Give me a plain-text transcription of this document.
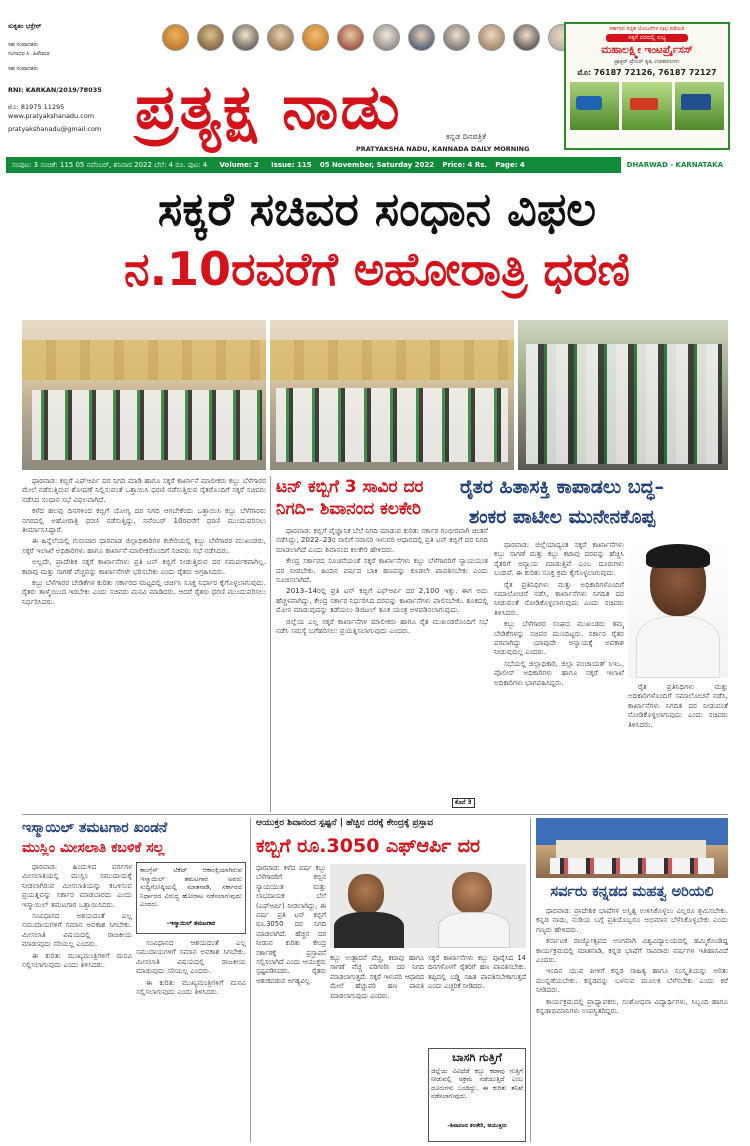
ಸುಕೃತಂ ಭಕ್ತೇರ್
ಸಹ ಸಂಪಾದಕರು
ಗಂಗಾಧರ ಸಿ. ಹಿರೇಮಠ
ಸಹ ಸಂಪಾದಕರು
RNI: KARKAN/2019/78035
ಮೊ: 81975 11295
www.pratyakshanadu.com
pratyakshanadu@gmail.com
ಪ್ರತ್ಯಕ್ಷ ನಾಡು	ಕನ್ನಡ ದಿನಪತ್ರಿಕೆ
PRATYAKSHA NADU, KANNADA DAILY MORNING
ಸರ್ಕಾರದ ಸಬ್ಸಿಡಿ ಯೋಜನೆಗಳ ಲಾಭ ಪಡೆಯಿರಿ
ಸಕ್ಕರೆ ದರದಲ್ಲಿ ಲಭ್ಯ
ಮಹಾಲಕ್ಷ್ಮೀ ಇಂಟರ್ಪ್ರೈಸಸ್
ಟ್ರಾಕ್ಟರ್ ಟ್ರೇಲರ್ ಕೃಷಿ ಉಪಕರಣಗಳು
ಮೊ: 76187 72126, 76187 72127
ಸಂಪುಟ: 3 ಸಂಚಿಕೆ: 115 05 ನವೆಂಬರ್, ಶನಿವಾರ 2022 ಬೆಲೆ: 4 ರೂ. ಪುಟ: 4 Volume: 2 Issue: 115 05 November, Saturday 2022 Price: 4 Rs. Page: 4	DHARWAD - KARNATAKA
ಸಕ್ಕರೆ ಸಚಿವರ ಸಂಧಾನ ವಿಫಲ
ನ.10ರವರೆಗೆ ಅಹೋರಾತ್ರಿ ಧರಣಿ

ಧಾರವಾಡ: ಕಬ್ಬಿಗೆ ಎಫ್ಆರ್ಪಿ ದರ ನಿಗದಿ ಮಾಡಿ ಹಾಗೂ ಸಕ್ಕರೆ ಕಾರ್ಖಾನೆ ಮಾಲೀಕರು ಕಬ್ಬು ಬೆಳೆಗಾರರ ಮೇಲೆ ನಡೆಸುತ್ತಿರುವ ಶೋಷಣೆ ನಿಲ್ಲಿಸುವಂತೆ ಒತ್ತಾಯಿಸಿ ಧರಣಿ ನಡೆಸುತ್ತಿರುವ ರೈತರೊಂದಿಗೆ ಸಕ್ಕರೆ ಸಚಿವರು ನಡೆಸಿದ ಸಂಧಾನ ಸಭೆ ವಿಫಲವಾಗಿದೆ.

ಕಳೆದ ಹಲವು ದಿನಗಳಿಂದ ಕಬ್ಬಿಗೆ ಯೋಗ್ಯ ದರ ನಿಗದಿ ಆಗಬೇಕೆಂದು ಒತ್ತಾಯಿಸಿ ಕಬ್ಬು ಬೆಳೆಗಾರರು ನಗರದಲ್ಲಿ ಅಹೋರಾತ್ರಿ ಧರಣಿ ನಡೆಸುತ್ತಿದ್ದು, ನವೆಂಬರ್ 10ರವರೆಗೆ ಧರಣಿ ಮುಂದುವರಿಸಲು ತೀರ್ಮಾನಿಸಿದ್ದಾರೆ.

ಈ ಹಿನ್ನೆಲೆಯಲ್ಲಿ ಗುರುವಾರ ಧಾರವಾಡ ಜಿಲ್ಲಾಧಿಕಾರಿಗಳ ಕಚೇರಿಯಲ್ಲಿ ಕಬ್ಬು ಬೆಳೆಗಾರರ ಮುಖಂಡರು, ಸಕ್ಕರೆ ಇಲಾಖೆ ಅಧಿಕಾರಿಗಳು ಹಾಗೂ ಕಾರ್ಖಾನೆ ಮಾಲೀಕರೊಂದಿಗೆ ಸಚಿವರು ಸಭೆ ನಡೆಸಿದರು.

ಅಲ್ಲದೇ, ಪ್ರಾದೇಶಿಕ ಸಕ್ಕರೆ ಕಾರ್ಖಾನೆಗಳು ಪ್ರತಿ ಟನ್ ಕಬ್ಬಿಗೆ ನೀಡುತ್ತಿರುವ ದರ ಸಮರ್ಪಕವಾಗಿಲ್ಲ. ಕಟಾವು ಮತ್ತು ಸಾಗಣೆ ವೆಚ್ಚವನ್ನು ಕಾರ್ಖಾನೆಗಳೇ ಭರಿಸಬೇಕು ಎಂದು ರೈತರು ಆಗ್ರಹಿಸಿದರು.

ಕಬ್ಬು ಬೆಳೆಗಾರರ ಬೇಡಿಕೆಗಳ ಕುರಿತು ಸರ್ಕಾರದ ಮಟ್ಟದಲ್ಲಿ ಚರ್ಚಿಸಿ ಸೂಕ್ತ ನಿರ್ಧಾರ ಕೈಗೊಳ್ಳಲಾಗುವುದು. ರೈತರು ತಾಳ್ಮೆಯಿಂದ ಇರಬೇಕು ಎಂದು ಸಚಿವರು ಮನವಿ ಮಾಡಿದರು. ಆದರೆ ರೈತರು ಧರಣಿ ಮುಂದುವರಿಸಲು ನಿರ್ಧರಿಸಿದರು.

ಟನ್ ಕಬ್ಬಿಗೆ 3 ಸಾವಿರ ದರ
ನಿಗದಿ– ಶಿವಾನಂದ ಕಲಕೇರಿ

ಧಾರವಾಡ: ಕಬ್ಬಿಗೆ ವೈಜ್ಞಾನಿಕ ಬೆಲೆ ನಿಗದಿ ಮಾಡುವ ಕುರಿತು ಸರ್ಕಾರ ಗಂಭೀರವಾಗಿ ಚಿಂತನೆ ನಡೆಸಿದ್ದು, 2022–23ರ ಸಾಲಿಗೆ ಸರಾಸರಿ ಇಳುವರಿ ಆಧಾರದಲ್ಲಿ ಪ್ರತಿ ಟನ್ ಕಬ್ಬಿಗೆ ದರ ನಿಗದಿ ಮಾಡಲಾಗಿದೆ ಎಂದು ಶಿವಾನಂದ ಕಲಕೇರಿ ಹೇಳಿದರು.

ಕೇಂದ್ರ ಸರ್ಕಾರದ ಸೂಚನೆಯಂತೆ ಸಕ್ಕರೆ ಕಾರ್ಖಾನೆಗಳು ಕಬ್ಬು ಬೆಳೆಗಾರರಿಗೆ ನ್ಯಾಯಯುತ ದರ ನೀಡಬೇಕು. ಹಿಂದಿನ ವರ್ಷದ ಬಾಕಿ ಹಣವನ್ನು ಕೂಡಲೇ ಪಾವತಿಸಬೇಕು ಎಂದು ಸೂಚಿಸಲಾಗಿದೆ.

2013–14ರಲ್ಲಿ ಪ್ರತಿ ಟನ್ ಕಬ್ಬಿಗೆ ಎಫ್ಆರ್ಪಿ ದರ 2,100 ಇತ್ತು. ಈಗ ಅದು ಹೆಚ್ಚಳವಾಗಿದ್ದು, ಕೇಂದ್ರ ಸರ್ಕಾರ ನಿರ್ಧರಿಸಿದ ದರವನ್ನು ಕಾರ್ಖಾನೆಗಳು ಪಾಲಿಸಬೇಕು. ತೂಕದಲ್ಲಿ ಮೋಸ ಮಾಡುವುದನ್ನು ತಡೆಯಲು ಡಿಜಿಟಲ್ ತೂಕ ಯಂತ್ರ ಅಳವಡಿಸಲಾಗುವುದು.

ಜಿಲ್ಲೆಯ ಎಲ್ಲ ಸಕ್ಕರೆ ಕಾರ್ಖಾನೆಗಳ ಮಾಲೀಕರು ಹಾಗೂ ರೈತ ಮುಖಂಡರೊಂದಿಗೆ ಸಭೆ ನಡೆಸಿ ಸಮಸ್ಯೆ ಬಗೆಹರಿಸಲು ಪ್ರಯತ್ನಿಸಲಾಗುವುದು ಎಂದರು.

ಕೊನೆ 3
ರೈತರ ಹಿತಾಸಕ್ತಿ ಕಾಪಾಡಲು ಬದ್ಧ–
ಶಂಕರ ಪಾಟೀಲ ಮುನೇನಕೊಪ್ಪ

ಧಾರವಾಡ: ಜಿಲ್ಲೆಯಾದ್ಯಂತ ಸಕ್ಕರೆ ಕಾರ್ಖಾನೆಗಳು ಕಬ್ಬು ಸಾಗಣೆ ಮತ್ತು ಕಬ್ಬು ಕಟಾವು ದರವನ್ನು ಹೆಚ್ಚಿಸಿ ರೈತರಿಗೆ ಅನ್ಯಾಯ ಮಾಡುತ್ತಿವೆ ಎಂಬ ದೂರುಗಳು ಬಂದಿವೆ. ಈ ಕುರಿತು ಸೂಕ್ತ ಕ್ರಮ ಕೈಗೊಳ್ಳಲಾಗುವುದು.

ರೈತ ಪ್ರತಿನಿಧಿಗಳು ಮತ್ತು ಅಧಿಕಾರಿಗಳೊಂದಿಗೆ ಸಮಾಲೋಚನೆ ನಡೆಸಿ, ಕಾರ್ಖಾನೆಗಳು ನಿಗದಿತ ದರ ನೀಡುವಂತೆ ನೋಡಿಕೊಳ್ಳಲಾಗುವುದು ಎಂದು ಸಚಿವರು ತಿಳಿಸಿದರು.

ಕಬ್ಬು ಬೆಳೆಗಾರರ ಸಂಘದ ಮುಖಂಡರು ತಮ್ಮ ಬೇಡಿಕೆಗಳನ್ನು ಸಚಿವರ ಮುಂದಿಟ್ಟರು. ಸರ್ಕಾರ ರೈತರ ಪರವಾಗಿದ್ದು ಯಾವುದೇ ಅನ್ಯಾಯಕ್ಕೆ ಅವಕಾಶ ನೀಡುವುದಿಲ್ಲ ಎಂದರು.

ಸಭೆಯಲ್ಲಿ ಜಿಲ್ಲಾಧಿಕಾರಿ, ಜಿಲ್ಲಾ ಪಂಚಾಯತ್ ಸಿಇಒ, ಪೊಲೀಸ್ ಅಧಿಕಾರಿಗಳು ಹಾಗೂ ಸಕ್ಕರೆ ಇಲಾಖೆ ಅಧಿಕಾರಿಗಳು ಭಾಗವಹಿಸಿದ್ದರು.	ರೈತ ಪ್ರತಿನಿಧಿಗಳು ಮತ್ತು ಅಧಿಕಾರಿಗಳೊಂದಿಗೆ ಸಮಾಲೋಚನೆ ನಡೆಸಿ, ಕಾರ್ಖಾನೆಗಳು ನಿಗದಿತ ದರ ನೀಡುವಂತೆ ನೋಡಿಕೊಳ್ಳಲಾಗುವುದು ಎಂದು ಸಚಿವರು ತಿಳಿಸಿದರು.

ಇಸ್ಮಾಯಿಲ್ ತಮಟಗಾರ ಖಂಡನೆ
ಮುಸ್ಲಿಂ ಮೀಸಲಾತಿ ಕಬಳಿಕೆ ಸಲ್ಲ

ಧಾರವಾಡ: ಹಿಂದುಳಿದ ವರ್ಗಗಳ ಮೀಸಲಾತಿಯಲ್ಲಿ ಮುಸ್ಲಿಂ ಸಮುದಾಯಕ್ಕೆ ನೀಡಲಾಗಿರುವ ಮೀಸಲಾತಿಯನ್ನು ಕಬಳಿಸುವ ಪ್ರಯತ್ನವನ್ನು ಸರ್ಕಾರ ಮಾಡಬಾರದು ಎಂದು ಇಸ್ಮಾಯಿಲ್ ತಮಟಗಾರ ಒತ್ತಾಯಿಸಿದರು.

ಸಂವಿಧಾನದ ಆಶಯದಂತೆ ಎಲ್ಲ ಸಮುದಾಯಗಳಿಗೆ ಸಮಾನ ಅವಕಾಶ ಸಿಗಬೇಕು. ಮೀಸಲಾತಿ ವಿಷಯದಲ್ಲಿ ರಾಜಕೀಯ ಮಾಡುವುದು ಸರಿಯಲ್ಲ ಎಂದರು.

ಈ ಕುರಿತು ಮುಖ್ಯಮಂತ್ರಿಗಳಿಗೆ ಮನವಿ ಸಲ್ಲಿಸಲಾಗುವುದು ಎಂದು ತಿಳಿಸಿದರು.

ಕಾಂಗ್ರೆಸ್ ಟಿಕೆಟ್ ಆಕಾಂಕ್ಷಿಯಾಗಿರುವ ಇಸ್ಮಾಯಿಲ್ ತಮಟಗಾರ ಅವರು ಸುದ್ದಿಗೋಷ್ಠಿಯಲ್ಲಿ ಮಾತನಾಡಿ, ಸರ್ಕಾರದ ನಿರ್ಧಾರದ ವಿರುದ್ಧ ಹೋರಾಟ ನಡೆಸಲಾಗುವುದು ಎಂದರು.
–ಇಸ್ಮಾಯಿಲ್ ತಮಟಗಾರ

ಸಂವಿಧಾನದ ಆಶಯದಂತೆ ಎಲ್ಲ ಸಮುದಾಯಗಳಿಗೆ ಸಮಾನ ಅವಕಾಶ ಸಿಗಬೇಕು. ಮೀಸಲಾತಿ ವಿಷಯದಲ್ಲಿ ರಾಜಕೀಯ ಮಾಡುವುದು ಸರಿಯಲ್ಲ ಎಂದರು.

ಈ ಕುರಿತು ಮುಖ್ಯಮಂತ್ರಿಗಳಿಗೆ ಮನವಿ ಸಲ್ಲಿಸಲಾಗುವುದು ಎಂದು ತಿಳಿಸಿದರು.

ಆಯುಕ್ತರ ಶಿವಾನಂದ ಸ್ಪಷ್ಟನೆ | ಹೆಚ್ಚಿನ ದರಕ್ಕೆ ಕೇಂದ್ರಕ್ಕೆ ಪ್ರಸ್ತಾವ
ಕಬ್ಬಿಗೆ ರೂ.3050 ಎಫ್ಆರ್ಪಿ ದರ
ಧಾರವಾಡ: ಕಳೆದ ವರ್ಷ ಕಬ್ಬು ಬೆಳೆಗಾರರಿಗೆ ಕಬ್ಬಿನ ನ್ಯಾಯಯುತ ಮತ್ತು ಲಾಭದಾಯಕ ಬೆಲೆ (ಎಫ್ಆರ್ಪಿ) ನೀಡಲಾಗಿದ್ದು, ಈ ವರ್ಷ ಪ್ರತಿ ಟನ್ ಕಬ್ಬಿಗೆ ರೂ.3050 ದರ ನಿಗದಿ ಮಾಡಲಾಗಿದೆ. ಹೆಚ್ಚಿನ ದರ ನೀಡುವ ಕುರಿತು ಕೇಂದ್ರ ಸರ್ಕಾರಕ್ಕೆ ಪ್ರಸ್ತಾವನೆ ಸಲ್ಲಿಸಲಾಗಿದೆ ಎಂದು ಆಯುಕ್ತರು ಸ್ಪಷ್ಟಪಡಿಸಿದರು. ರೈತರು ಆತಂಕಪಡುವ ಅಗತ್ಯವಿಲ್ಲ.
ಕಬ್ಬು ಉತ್ಪಾದನೆ ವೆಚ್ಚ, ಕಟಾವು ಹಾಗೂ ಸಾಗಣೆ ವೆಚ್ಚ ಪರಿಗಣಿಸಿ ದರ ನಿಗದಿ ಮಾಡಲಾಗುತ್ತದೆ. ಸಕ್ಕರೆ ಇಳುವರಿ ಆಧಾರದ ಮೇಲೆ ಹೆಚ್ಚುವರಿ ಹಣ ಪಾವತಿ ಮಾಡಲಾಗುವುದು ಎಂದರು.
ಸಕ್ಕರೆ ಕಾರ್ಖಾನೆಗಳು ಕಬ್ಬು ಪೂರೈಸಿದ 14 ದಿನಗಳೊಳಗೆ ರೈತರಿಗೆ ಹಣ ಪಾವತಿಸಬೇಕು. ತಪ್ಪಿದಲ್ಲಿ ಬಡ್ಡಿ ಸಹಿತ ಪಾವತಿಸಬೇಕಾಗುತ್ತದೆ ಎಂದು ಎಚ್ಚರಿಕೆ ನೀಡಿದರು.
ಬಾಸಗಿ ಗುತ್ತಿಗೆ
ಜಿಲ್ಲೆಯ ವಿವಿಧೆಡೆ ಕಬ್ಬು ಕಟಾವು ಗುತ್ತಿಗೆ ನೀಡುವಲ್ಲಿ ಅಕ್ರಮ ನಡೆಯುತ್ತಿದೆ ಎಂಬ ದೂರುಗಳು ಬಂದಿದ್ದು, ಈ ಕುರಿತು ತನಿಖೆ ನಡೆಸಲಾಗುವುದು.
–ಶಿವಾನಂದ ಕಲಕೇರಿ, ಆಯುಕ್ತರು
ಸರ್ವರು ಕನ್ನಡದ ಮಹತ್ವ ಅರಿಯಲಿ

ಧಾರವಾಡ: ಪ್ರಾದೇಶಿಕ ಭಾಷೆಗಳ ಅಸ್ತಿತ್ವ ಉಳಿಸಿಕೊಳ್ಳಲು ಎಲ್ಲರೂ ಶ್ರಮಿಸಬೇಕು. ಕನ್ನಡ ನಾಡು, ನುಡಿಯ ಬಗ್ಗೆ ಪ್ರತಿಯೊಬ್ಬರೂ ಅಭಿಮಾನ ಬೆಳೆಸಿಕೊಳ್ಳಬೇಕು ಎಂದು ಗಣ್ಯರು ಹೇಳಿದರು.

ಕರ್ನಾಟಕ ರಾಜ್ಯೋತ್ಸವದ ಅಂಗವಾಗಿ ವಿಶ್ವವಿದ್ಯಾಲಯದಲ್ಲಿ ಹಮ್ಮಿಕೊಂಡಿದ್ದ ಕಾರ್ಯಕ್ರಮದಲ್ಲಿ ಮಾತನಾಡಿ, ಕನ್ನಡ ಭಾಷೆಗೆ ಸಾವಿರಾರು ವರ್ಷಗಳ ಇತಿಹಾಸವಿದೆ ಎಂದರು.

ಇಂದಿನ ಯುವ ಪೀಳಿಗೆ ಕನ್ನಡ ಸಾಹಿತ್ಯ ಹಾಗೂ ಸಂಸ್ಕೃತಿಯನ್ನು ಅರಿತು ಮುನ್ನಡೆಯಬೇಕು. ಕನ್ನಡವನ್ನು ಬಳಸುವ ಮೂಲಕ ಬೆಳೆಸಬೇಕು ಎಂದು ಕರೆ ನೀಡಿದರು.

ಕಾರ್ಯಕ್ರಮದಲ್ಲಿ ಪ್ರಾಧ್ಯಾಪಕರು, ಸಂಶೋಧನಾ ವಿದ್ಯಾರ್ಥಿಗಳು, ಸಿಬ್ಬಂದಿ ಹಾಗೂ ಕನ್ನಡಾಭಿಮಾನಿಗಳು ಉಪಸ್ಥಿತರಿದ್ದರು.
